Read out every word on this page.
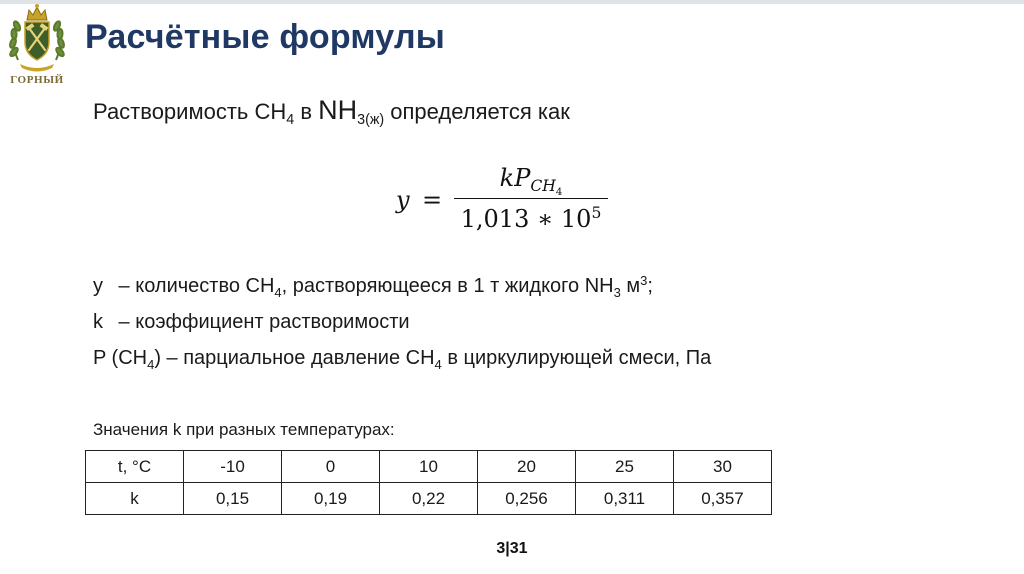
ГОРНЫЙ
Расчётные формулы
Растворимость $CH_4$ в $NH_{3(ж)}$ определяется как
y =
$kP_{CH_4}$
1,013 ∗ $10^5$
y – количество $CH_4$, растворяющееся в 1 т жидкого $NH_3$ $м^3$;
k – коэффициент растворимости
P $(CH_4)$ – парциальное давление $CH_4$ в циркулирующей смеси, Па
Значения k при разных температурах:
t, °C	-10	0	10	20	25	30
k	0,15	0,19	0,22	0,256	0,311	0,357
3|31
